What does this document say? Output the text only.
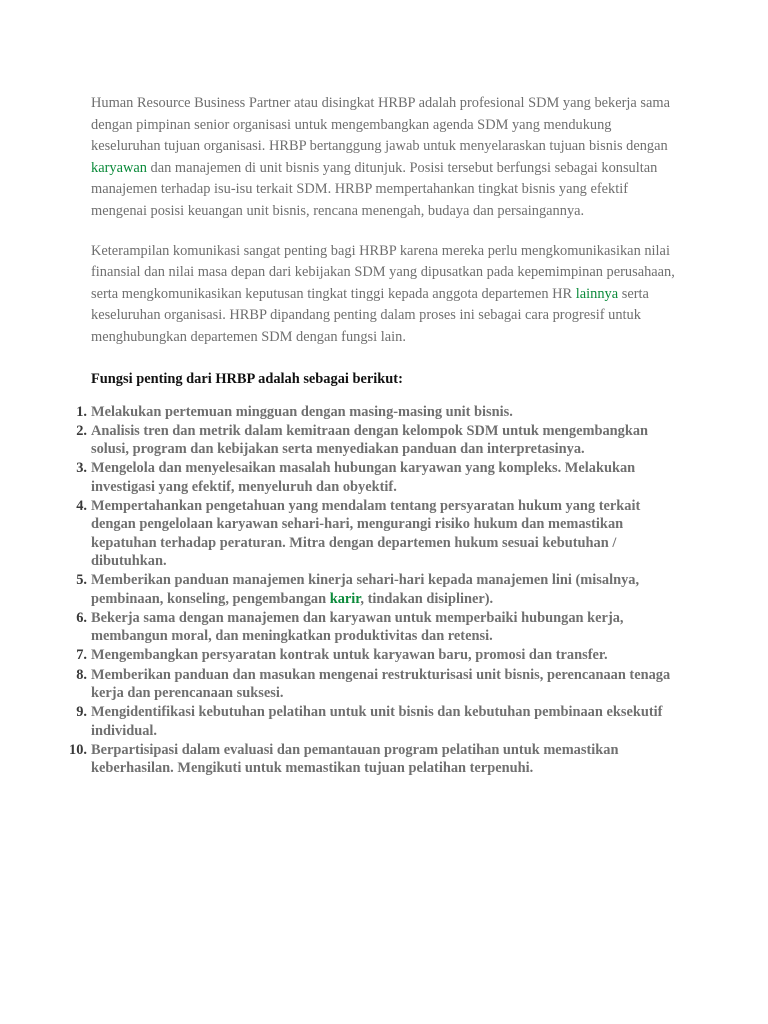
Human Resource Business Partner atau disingkat HRBP adalah profesional SDM yang bekerja sama dengan pimpinan senior organisasi untuk mengembangkan agenda SDM yang mendukung keseluruhan tujuan organisasi. HRBP bertanggung jawab untuk menyelaraskan tujuan bisnis dengan karyawan dan manajemen di unit bisnis yang ditunjuk. Posisi tersebut berfungsi sebagai konsultan manajemen terhadap isu-isu terkait SDM. HRBP mempertahankan tingkat bisnis yang efektif mengenai posisi keuangan unit bisnis, rencana menengah, budaya dan persaingannya.

Keterampilan komunikasi sangat penting bagi HRBP karena mereka perlu mengkomunikasikan nilai finansial dan nilai masa depan dari kebijakan SDM yang dipusatkan pada kepemimpinan perusahaan, serta mengkomunikasikan keputusan tingkat tinggi kepada anggota departemen HR lainnya serta keseluruhan organisasi. HRBP dipandang penting dalam proses ini sebagai cara progresif untuk menghubungkan departemen SDM dengan fungsi lain.

Fungsi penting dari HRBP adalah sebagai berikut:
1. Melakukan pertemuan mingguan dengan masing-masing unit bisnis.
2. Analisis tren dan metrik dalam kemitraan dengan kelompok SDM untuk mengembangkan solusi, program dan kebijakan serta menyediakan panduan dan interpretasinya.
3. Mengelola dan menyelesaikan masalah hubungan karyawan yang kompleks. Melakukan investigasi yang efektif, menyeluruh dan obyektif.
4. Mempertahankan pengetahuan yang mendalam tentang persyaratan hukum yang terkait dengan pengelolaan karyawan sehari-hari, mengurangi risiko hukum dan memastikan kepatuhan terhadap peraturan. Mitra dengan departemen hukum sesuai kebutuhan / dibutuhkan.
5. Memberikan panduan manajemen kinerja sehari-hari kepada manajemen lini (misalnya, pembinaan, konseling, pengembangan karir, tindakan disipliner).
6. Bekerja sama dengan manajemen dan karyawan untuk memperbaiki hubungan kerja, membangun moral, dan meningkatkan produktivitas dan retensi.
7. Mengembangkan persyaratan kontrak untuk karyawan baru, promosi dan transfer.
8. Memberikan panduan dan masukan mengenai restrukturisasi unit bisnis, perencanaan tenaga kerja dan perencanaan suksesi.
9. Mengidentifikasi kebutuhan pelatihan untuk unit bisnis dan kebutuhan pembinaan eksekutif individual.
10. Berpartisipasi dalam evaluasi dan pemantauan program pelatihan untuk memastikan keberhasilan. Mengikuti untuk memastikan tujuan pelatihan terpenuhi.
